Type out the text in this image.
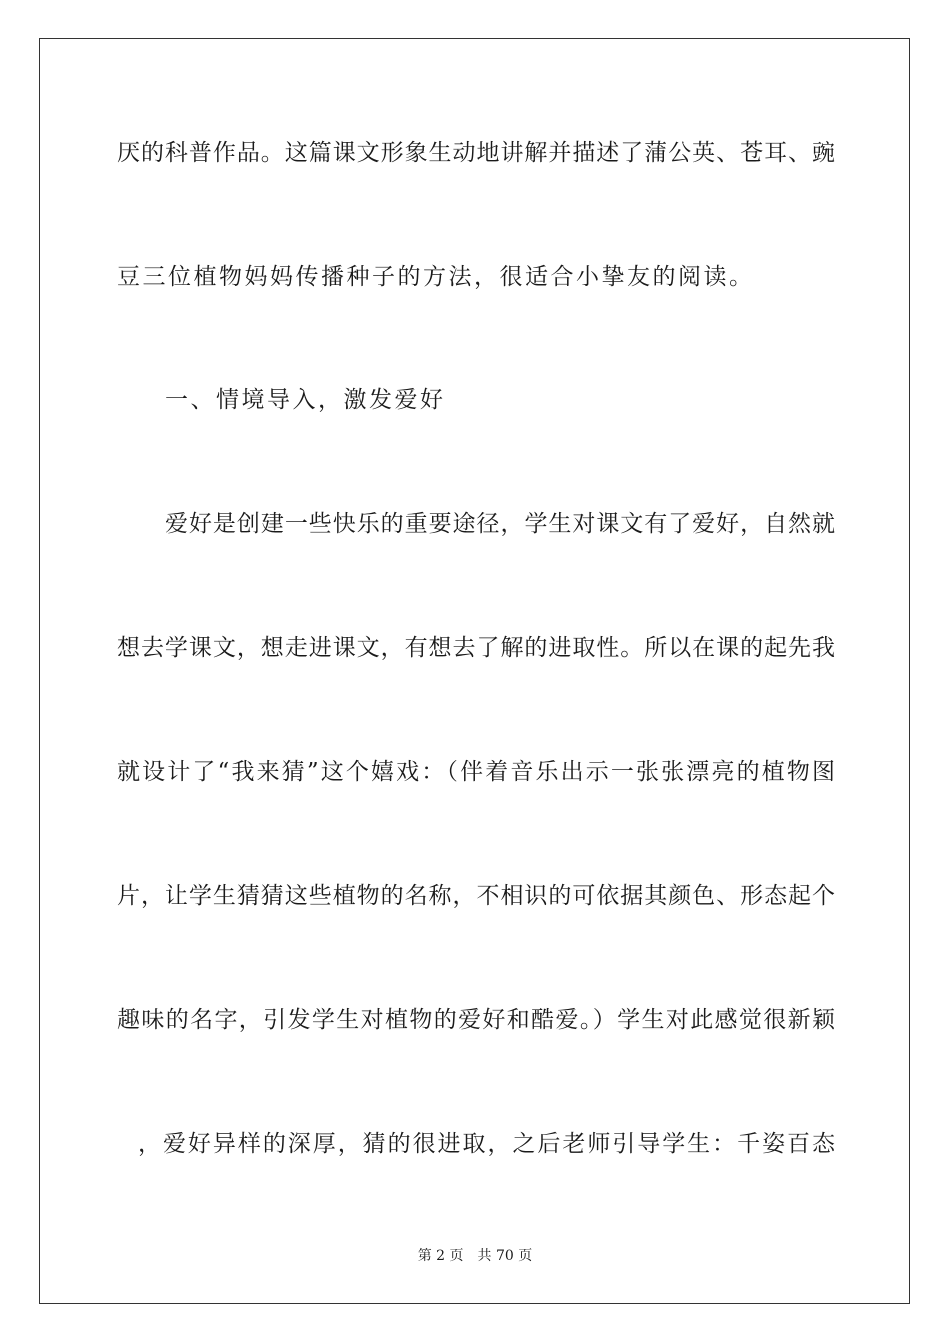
厌的科普作品。这篇课文形象生动地讲解并描述了蒲公英、苍耳、豌
豆三位植物妈妈传播种子的方法，很适合小挚友的阅读。
一、情境导入，激发爱好
爱好是创建一些快乐的重要途径，学生对课文有了爱好，自然就
想去学课文，想走进课文，有想去了解的进取性。所以在课的起先我
就设计了“我来猜”这个嬉戏：（伴着音乐出示一张张漂亮的植物图
片，让学生猜猜这些植物的名称，不相识的可依据其颜色、形态起个
趣味的名字，引发学生对植物的爱好和酷爱。）学生对此感觉很新颖
，爱好异样的深厚，猜的很进取，之后老师引导学生：千姿百态
第 2 页 共 70 页
